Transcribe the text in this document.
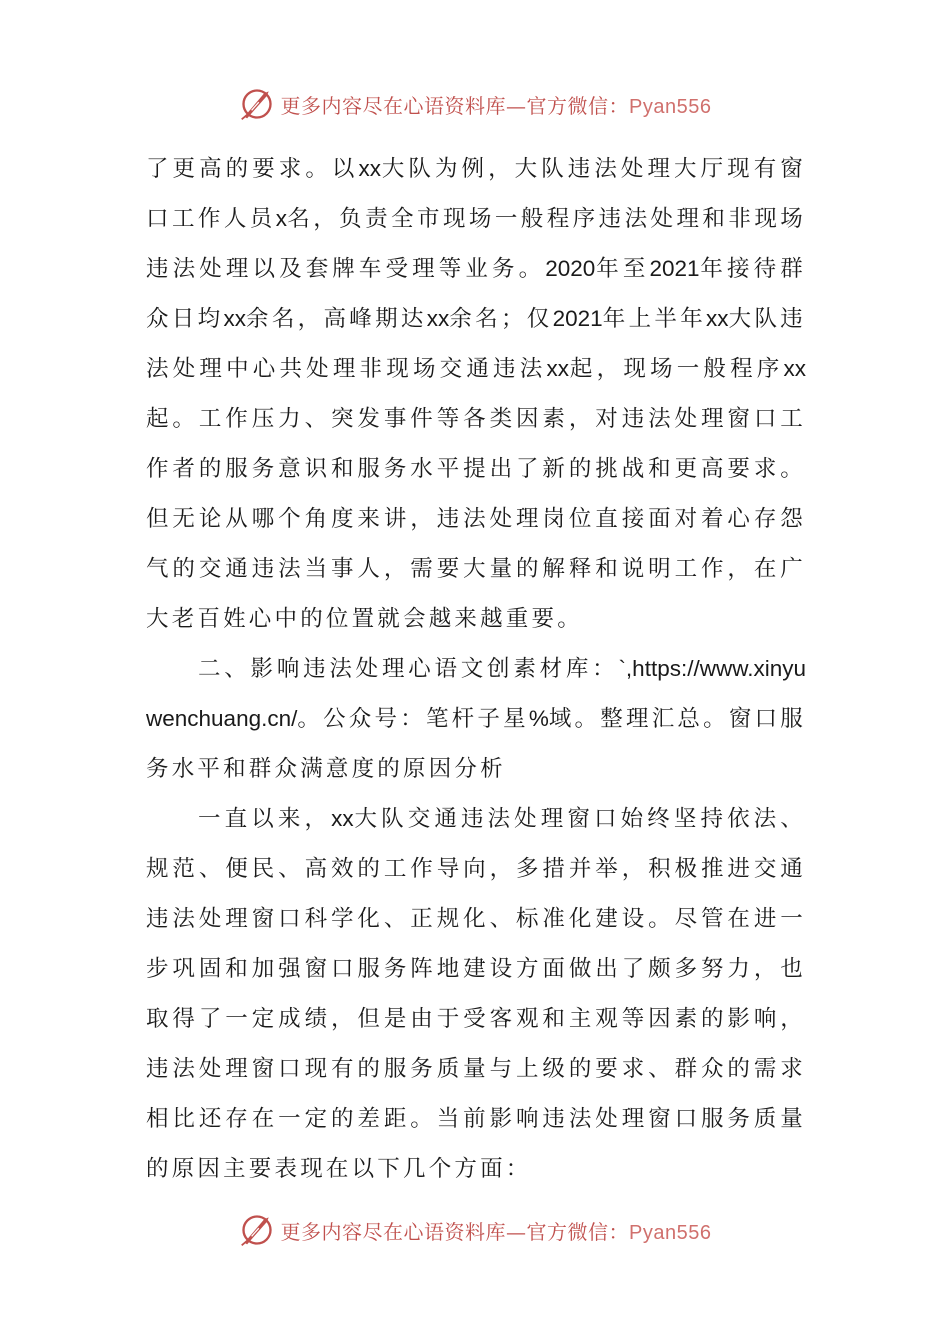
更多内容尽在心语资料库—官方微信：Pyan556

了更高的要求。以xx大队为例，大队违法处理大厅现有窗口工作人员x名，负责全市现场一般程序违法处理和非现场违法处理以及套牌车受理等业务。2020年至2021年接待群众日均xx余名，高峰期达xx余名；仅2021年上半年xx大队违法处理中心共处理非现场交通违法xx起，现场一般程序xx起。工作压力、突发事件等各类因素，对违法处理窗口工作者的服务意识和服务水平提出了新的挑战和更高要求。但无论从哪个角度来讲，违法处理岗位直接面对着心存怨气的交通违法当事人，需要大量的解释和说明工作，在广大老百姓心中的位置就会越来越重要。

二、影响违法处理心语文创素材库：`,https://www.xinyuwenchuang.cn/。公众号：笔杆子星%域。整理汇总。窗口服务水平和群众满意度的原因分析

一直以来，xx大队交通违法处理窗口始终坚持依法、规范、便民、高效的工作导向，多措并举，积极推进交通违法处理窗口科学化、正规化、标准化建设。尽管在进一步巩固和加强窗口服务阵地建设方面做出了颇多努力，也取得了一定成绩，但是由于受客观和主观等因素的影响，违法处理窗口现有的服务质量与上级的要求、群众的需求相比还存在一定的差距。当前影响违法处理窗口服务质量的原因主要表现在以下几个方面：

更多内容尽在心语资料库—官方微信：Pyan556
